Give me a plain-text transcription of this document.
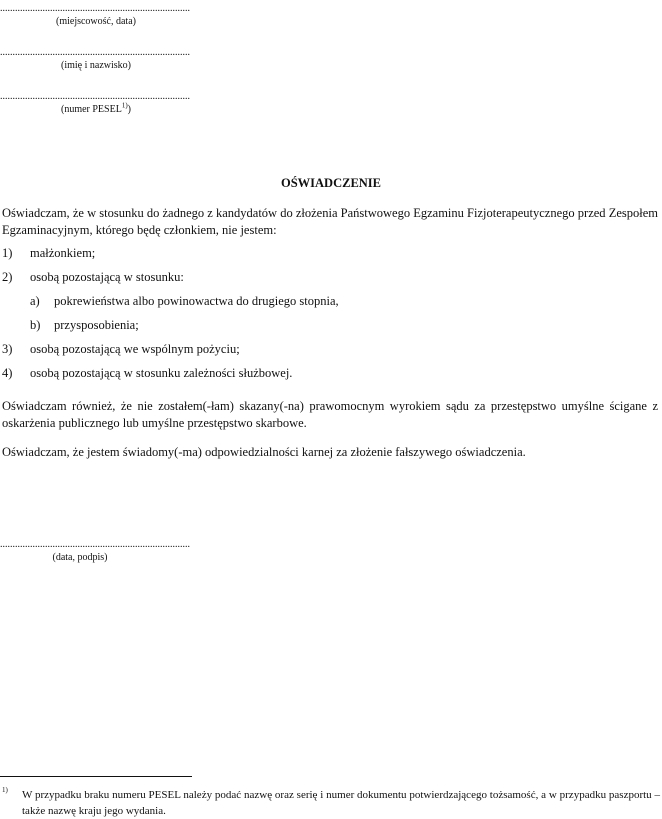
............................................................................
(miejscowość, data)
............................................................................
(imię i nazwisko)
............................................................................
(numer PESEL$^{1)}$)
OŚWIADCZENIE
Oświadczam, że w stosunku do żadnego z kandydatów do złożenia Państwowego Egzaminu Fizjoterapeutycznego przed Zespołem Egzaminacyjnym, którego będę członkiem, nie jestem:
1) małżonkiem;
2) osobą pozostającą w stosunku:
a) pokrewieństwa albo powinowactwa do drugiego stopnia,
b) przysposobienia;
3) osobą pozostającą we wspólnym pożyciu;
4) osobą pozostającą w stosunku zależności służbowej.
Oświadczam również, że nie zostałem(-łam) skazany(-na) prawomocnym wyrokiem sądu za przestępstwo umyślne ścigane z oskarżenia publicznego lub umyślne przestępstwo skarbowe.
Oświadczam, że jestem świadomy(-ma) odpowiedzialności karnej za złożenie fałszywego oświadczenia.
............................................................................
(data, podpis)
1) W przypadku braku numeru PESEL należy podać nazwę oraz serię i numer dokumentu potwierdzającego tożsamość, a w przypadku paszportu – także nazwę kraju jego wydania.
